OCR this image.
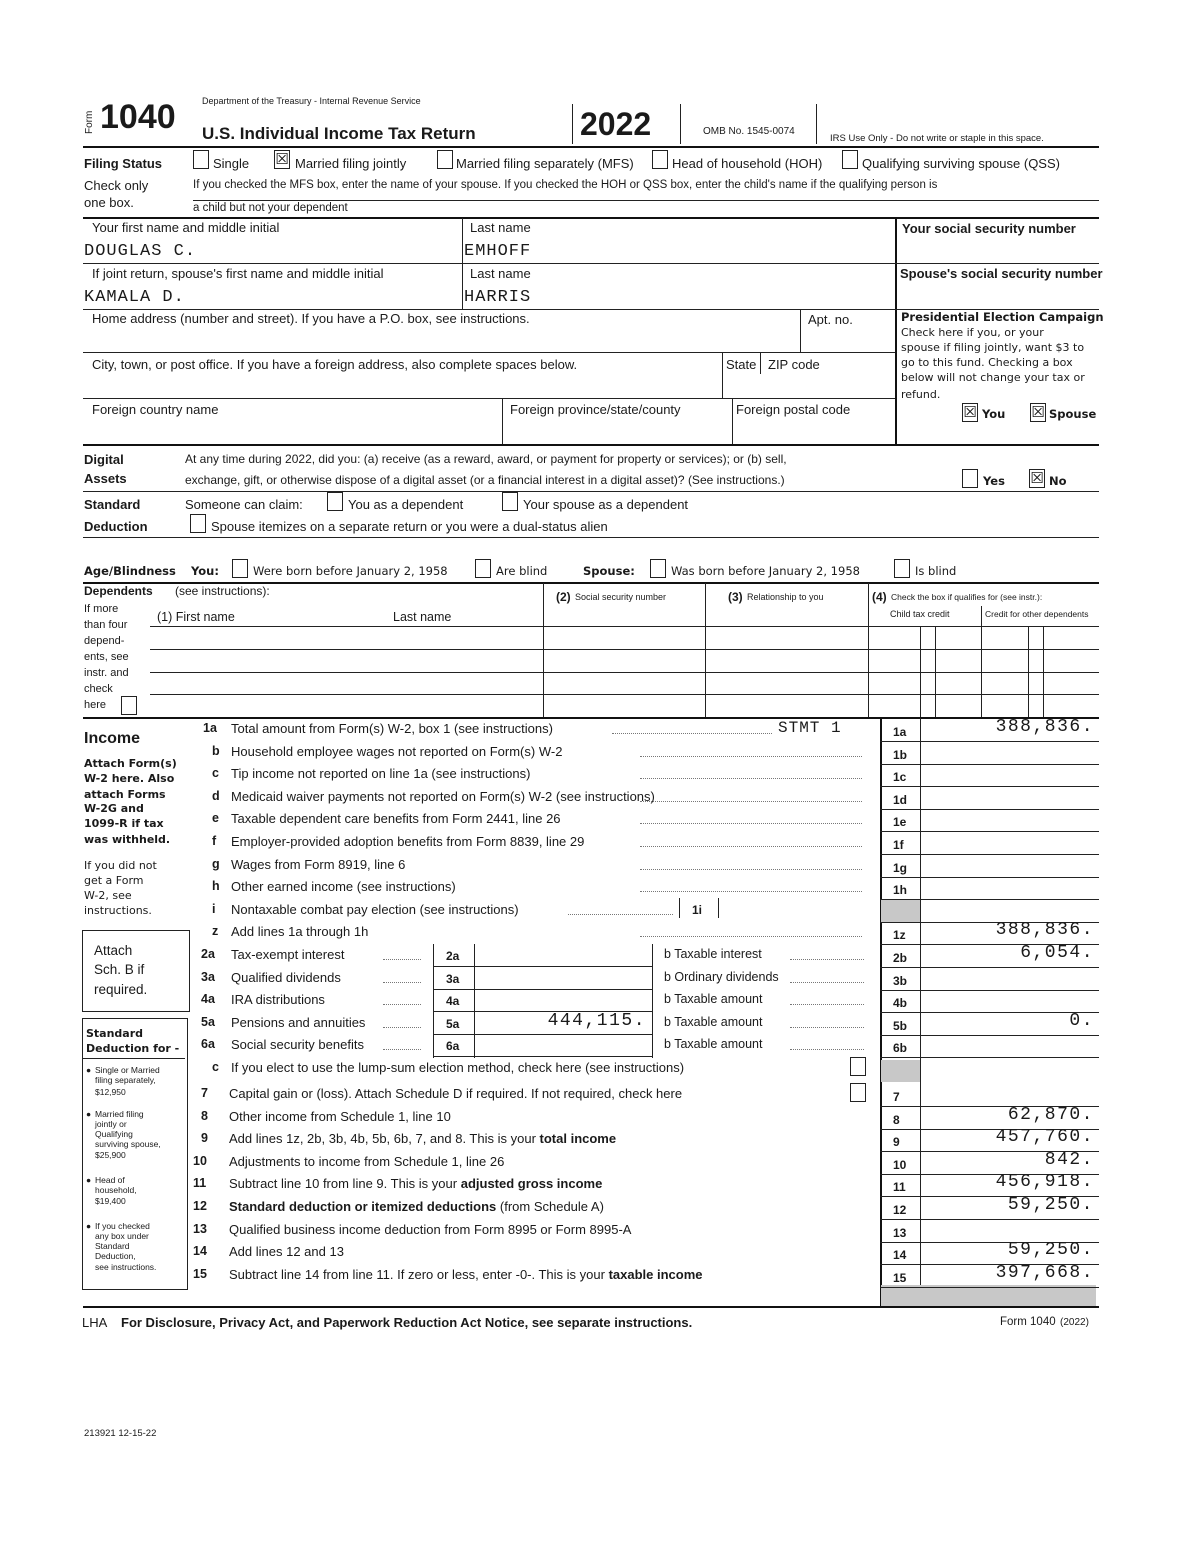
Form 1040	Department of the Treasury - Internal Revenue Service
U.S. Individual Income Tax Return	2022	OMB No. 1545-0074
IRS Use Only - Do not write or staple in this space.
Filing Status
Check only
one box.
Single ☒ Married filing jointly	Married filing separately (MFS)	Head of household (HOH)	Qualifying surviving spouse (QSS)
If you checked the MFS box, enter the name of your spouse. If you checked the HOH or QSS box, enter the child's name if the qualifying person is
a child but not your dependent
Your first name and middle initial	Last name	Your social security number
DOUGLAS C.	EMHOFF
If joint return, spouse's first name and middle initial	Last name	Spouse's social security number
KAMALA D.	HARRIS
Home address (number and street). If you have a P.O. box, see instructions.	Apt. no.
City, town, or post office. If you have a foreign address, also complete spaces below.	State ZIP code
Foreign country name	Foreign province/state/county	Foreign postal code
Presidential Election Campaign
Check here if you, or your
spouse if filing jointly, want $3 to
go to this fund. Checking a box
below will not change your tax or
refund.
☒ You ☒ Spouse
Digital
Assets
At any time during 2022, did you: (a) receive (as a reward, award, or payment for property or services); or (b) sell,
exchange, gift, or otherwise dispose of a digital asset (or a financial interest in a digital asset)? (See instructions.)	Yes ☒ No
Standard
Deduction
Someone can claim:	You as a dependent	Your spouse as a dependent
Spouse itemizes on a separate return or you were a dual-status alien
Age/Blindness You:	Were born before January 2, 1958	Are blind	Spouse:	Was born before January 2, 1958	Is blind
Dependents (see instructions):
If more
than four
depend-
ents, see
instr. and
check
here
(1) First name	Last name
(2) Social security number	(3) Relationship to you	(4) Check the box if qualifies for (see instr.):
Child tax credit	Credit for other dependents
Income
Attach Form(s)
W-2 here. Also
attach Forms
W-2G and
1099-R if tax
was withheld.
If you did not
get a Form
W-2, see
instructions.
Attach
Sch. B if
required.
Standard
Deduction for -
● Single or Married
filing separately,
$12,950
Married filing
jointly or
Qualifying
surviving spouse,
$25,900
Head of
household,
$19,400
If you checked
any box under
Standard
Deduction,
see instructions.
●
●
●
1a Total amount from Form(s) W-2, box 1 (see instructions)	STMT 1	1a	388,836.
b Household employee wages not reported on Form(s) W-2	1b
c Tip income not reported on line 1a (see instructions)	1c
d Medicaid waiver payments not reported on Form(s) W-2 (see instructions)	1d
e Taxable dependent care benefits from Form 2441, line 26	1e
f Employer-provided adoption benefits from Form 8839, line 29	1f
g Wages from Form 8919, line 6	1g
h Other earned income (see instructions)	1h
i Nontaxable combat pay election (see instructions)	1i
z Add lines 1a through 1h	1z	388,836.
2a Tax-exempt interest	2a	b Taxable interest	2b	6,054.
3a Qualified dividends	3a	b Ordinary dividends	3b
4a IRA distributions	4a	b Taxable amount	4b
5a Pensions and annuities	5a	444,115. b Taxable amount	5b	0.
6a Social security benefits	6a	b Taxable amount	6b
c If you elect to use the lump-sum election method, check here (see instructions)
7 Capital gain or (loss). Attach Schedule D if required. If not required, check here	7
8 Other income from Schedule 1, line 10	8	62,870.
9 Add lines 1z, 2b, 3b, 4b, 5b, 6b, 7, and 8. This is your total income	9	457,760.
10 Adjustments to income from Schedule 1, line 26	10	842.
11 Subtract line 10 from line 9. This is your adjusted gross income	11	456,918.
12 Standard deduction or itemized deductions (from Schedule A)	12	59,250.
13 Qualified business income deduction from Form 8995 or Form 8995-A	13
14 Add lines 12 and 13	14	59,250.
15 Subtract line 14 from line 11. If zero or less, enter -0-. This is your taxable income	15	397,668.
LHA For Disclosure, Privacy Act, and Paperwork Reduction Act Notice, see separate instructions.	Form 1040 (2022)
213921 12-15-22
